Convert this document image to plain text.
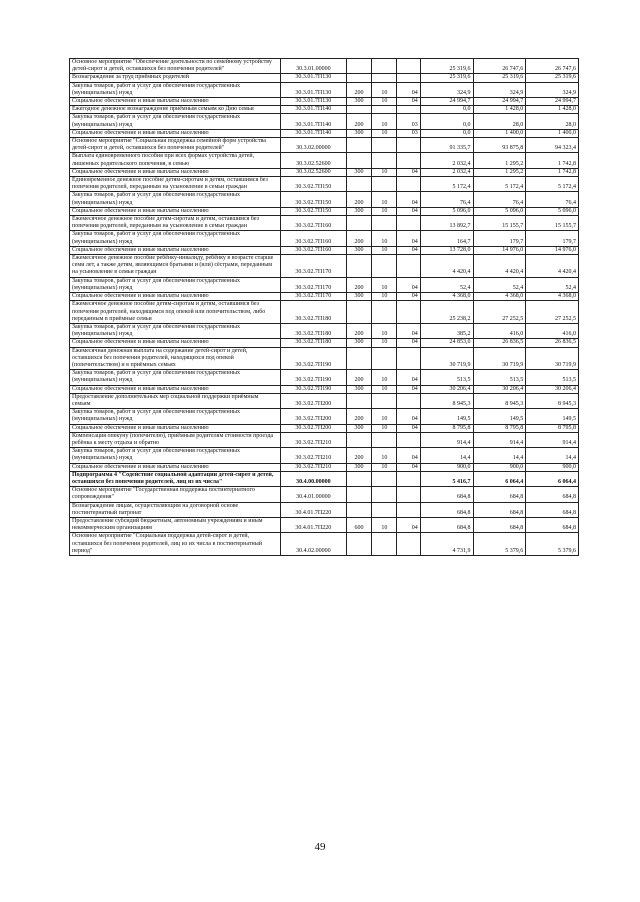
Основное мероприятие "Обеспечение деятельности по семейному устройству детей-сирот и детей, оставшихся без попечения родителей"	30.3.01.00000				25 319,6	26 747,6	26 747,6
Вознаграждение за труд приёмных родителей	30.3.01.7П130				25 319,6	25 319,6	25 319,6
Закупка товаров, работ и услуг для обеспечения государственных (муниципальных) нужд	30.3.01.7П130	200	10	04	324,9	324,9	324,9
Социальное обеспечение и иные выплаты населению	30.3.01.7П130	300	10	04	24 994,7	24 994,7	24 994,7
Ежегодное денежное вознаграждение приёмным семьям ко Дню семьи	30.3.01.7П140				0,0	1 428,0	1 428,0
Закупка товаров, работ и услуг для обеспечения государственных (муниципальных) нужд	30.3.01.7П140	200	10	03	0,0	28,0	28,0
Социальное обеспечение и иные выплаты населению	30.3.01.7П140	300	10	03	0,0	1 400,0	1 400,0
Основное мероприятие "Социальная поддержка семейной форм устройства детей-сирот и детей, оставшихся без попечения родителей"	30.3.02.00000				91 335,7	93 875,8	94 323,4
Выплата единовременного пособия при всех формах устройства детей, лишенных родительского попечения, в семью	30.3.02.52600				2 032,4	1 295,2	1 742,8
Социальное обеспечение и иные выплаты населению	30.3.02.52600	300	10	04	2 032,4	1 295,2	1 742,8
Единовременное денежное пособие детям-сиротам и детям, оставшимся без попечения родителей, переданным на усыновление в семьи граждан	30.3.02.7П150				5 172,4	5 172,4	5 172,4
Закупка товаров, работ и услуг для обеспечения государственных (муниципальных) нужд	30.3.02.7П150	200	10	04	76,4	76,4	76,4
Социальное обеспечение и иные выплаты населению	30.3.02.7П150	300	10	04	5 096,0	5 096,0	5 096,0
Ежемесячное денежное пособие детям-сиротам и детям, оставшимся без попечения родителей, переданным на усыновление в семьи граждан	30.3.02.7П160				13 892,7	15 155,7	15 155,7
Закупка товаров, работ и услуг для обеспечения государственных (муниципальных) нужд	30.3.02.7П160	200	10	04	164,7	179,7	179,7
Социальное обеспечение и иные выплаты населению	30.3.02.7П160	300	10	04	13 728,0	14 976,0	14 976,0
Ежемесячное денежное пособие ребёнку-инвалиду, ребёнку в возрасте старше семи лет, а также детям, являющимся братьями и (или) сёстрами, переданным на усыновление в семьи граждан	30.3.02.7П170				4 420,4	4 420,4	4 420,4
Закупка товаров, работ и услуг для обеспечения государственных (муниципальных) нужд	30.3.02.7П170	200	10	04	52,4	52,4	52,4
Социальное обеспечение и иные выплаты населению	30.3.02.7П170	300	10	04	4 368,0	4 368,0	4 368,0
Ежемесячное денежное пособие детям-сиротам и детям, оставшимся без попечения родителей, находящимся под опекой или попечительством, либо переданным в приёмные семьи	30.3.02.7П180				25 238,2	27 252,5	27 252,5
Закупка товаров, работ и услуг для обеспечения государственных (муниципальных) нужд	30.3.02.7П180	200	10	04	385,2	416,0	416,0
Социальное обеспечение и иные выплаты населению	30.3.02.7П180	300	10	04	24 853,0	26 836,5	26 836,5
Ежемесячная денежная выплата на содержание детей-сирот и детей, оставшихся без попечения родителей, находящихся под опекой (попечительством) и в приёмных семьях	30.3.02.7П190				30 719,9	30 719,9	30 719,9
Закупка товаров, работ и услуг для обеспечения государственных (муниципальных) нужд	30.3.02.7П190	200	10	04	513,5	513,5	513,5
Социальное обеспечение и иные выплаты населению	30.3.02.7П190	300	10	04	30 206,4	30 206,4	30 206,4
Предоставление дополнительных мер социальной поддержки приёмным семьям	30.3.02.7П200				8 945,3	8 945,3	8 945,3
Закупка товаров, работ и услуг для обеспечения государственных (муниципальных) нужд	30.3.02.7П200	200	10	04	149,5	149,5	149,5
Социальное обеспечение и иные выплаты населению	30.3.02.7П200	300	10	04	8 795,8	8 795,8	8 795,8
Компенсация опекуну (попечителю), приёмным родителям стоимости проезда ребёнка к месту отдыха и обратно	30.3.02.7П210				914,4	914,4	914,4
Закупка товаров, работ и услуг для обеспечения государственных (муниципальных) нужд	30.3.02.7П210	200	10	04	14,4	14,4	14,4
Социальное обеспечение и иные выплаты населению	30.3.02.7П210	300	10	04	900,0	900,0	900,0
Подпрограмма 4 "Содействие социальной адаптации детей-сирот и детей, оставшихся без попечения родителей, лиц из их числа"	30.4.00.00000				5 416,7	6 064,4	6 064,4
Основное мероприятие "Государственная поддержка постинтернатного сопровождения"	30.4.01.00000				684,8	684,8	684,8
Вознаграждение лицам, осуществляющим на договорной основе постинтернатный патронат	30.4.01.7П220				684,8	684,8	684,8
Предоставление субсидий бюджетным, автономным учреждениям и иным некоммерческим организациям	30.4.01.7П220	600	10	04	684,8	684,8	684,8
Основное мероприятие "Социальная поддержка детей-сирот и детей, оставшихся без попечения родителей, лиц из их числа в постинтернатный период"	30.4.02.00000				4 731,9	5 379,6	5 379,6
49
